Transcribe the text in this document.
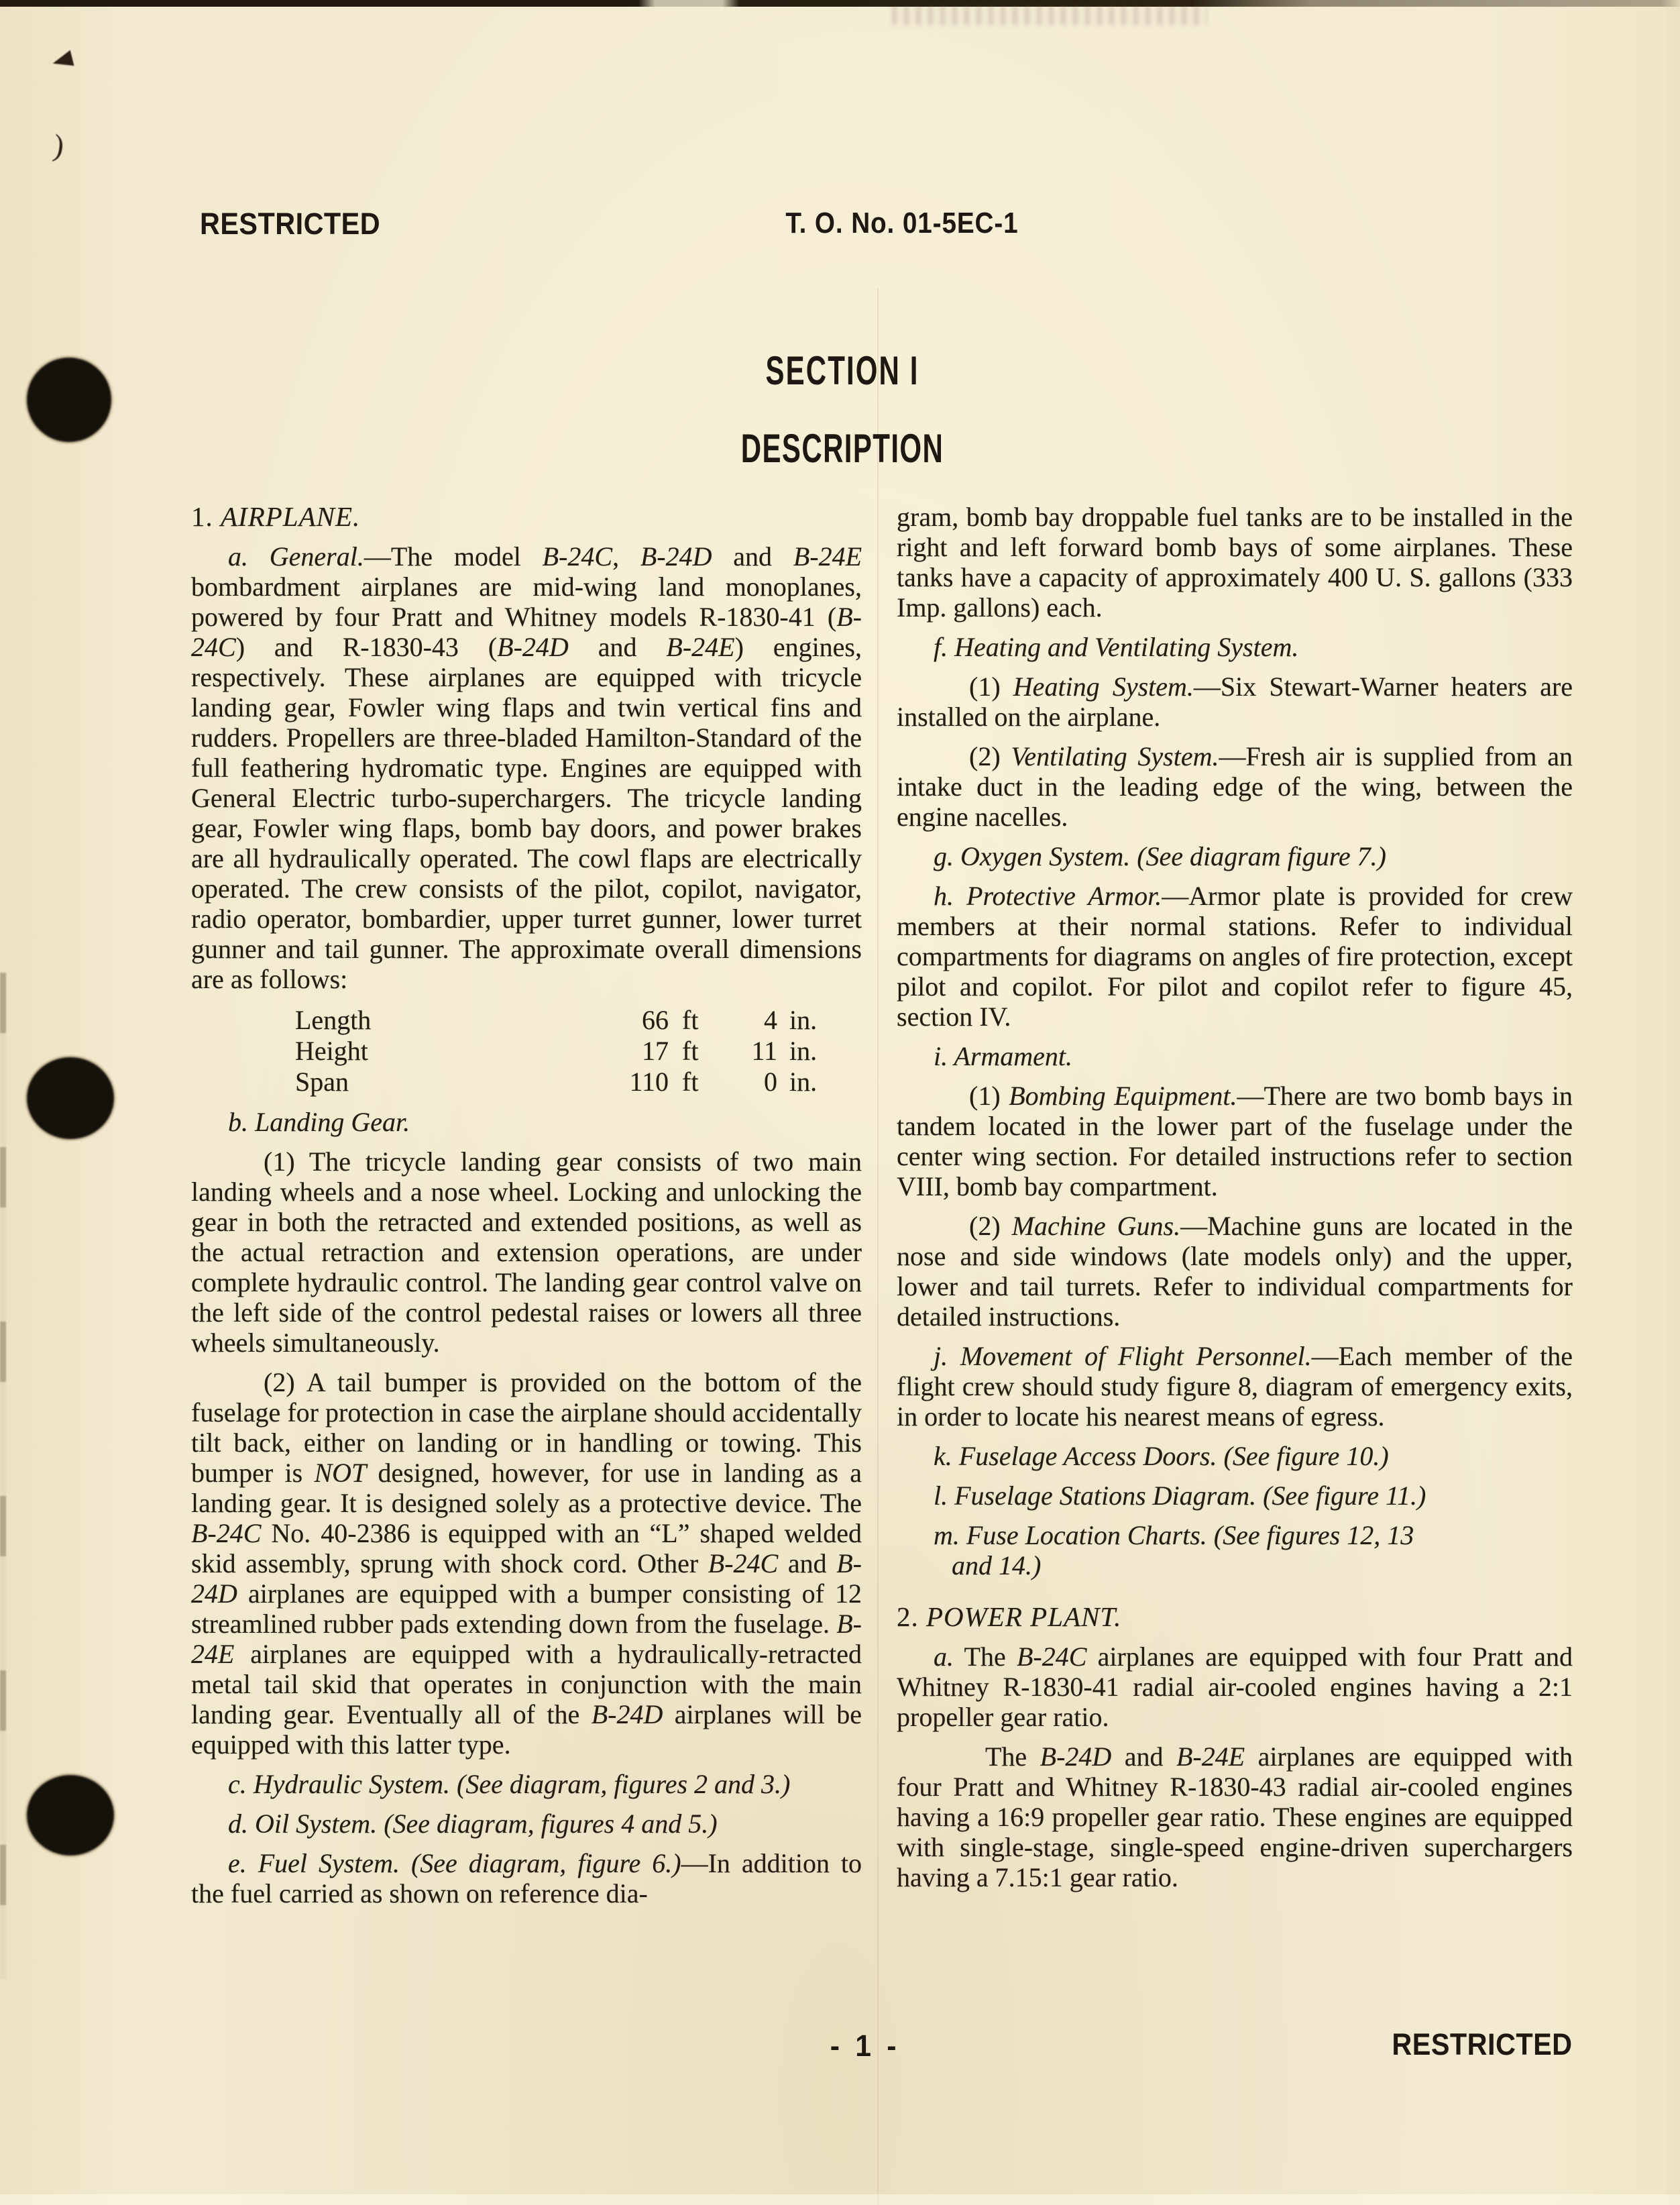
)
RESTRICTED	T. O. No. 01-5EC-1
SECTION I
DESCRIPTION
1. AIRPLANE.
a. General.—The model B-24C, B-24D and B-24E bombardment airplanes are mid-wing land monoplanes, powered by four Pratt and Whitney models R-1830-41 (B-24C) and R-1830-43 (B-24D and B-24E) engines, respectively. These airplanes are equipped with tricycle landing gear, Fowler wing flaps and twin vertical fins and rudders. Propellers are three-bladed Hamilton-Standard of the full feathering hydromatic type. Engines are equipped with General Electric turbo-superchargers. The tricycle landing gear, Fowler wing flaps, bomb bay doors, and power brakes are all hydraulically operated. The cowl flaps are electrically operated. The crew consists of the pilot, copilot, navigator, radio operator, bombardier, upper turret gunner, lower turret gunner and tail gunner. The approximate overall dimensions are as follows:
Length	66 ft	4 in.
Height	17 ft	11 in.
Span	110 ft	0 in.
b. Landing Gear.
(1) The tricycle landing gear consists of two main landing wheels and a nose wheel. Locking and unlocking the gear in both the retracted and extended positions, as well as the actual retraction and extension operations, are under complete hydraulic control. The landing gear control valve on the left side of the control pedestal raises or lowers all three wheels simultaneously.
(2) A tail bumper is provided on the bottom of the fuselage for protection in case the airplane should accidentally tilt back, either on landing or in handling or towing. This bumper is NOT designed, however, for use in landing as a landing gear. It is designed solely as a protective device. The B-24C No. 40-2386 is equipped with an “L” shaped welded skid assembly, sprung with shock cord. Other B-24C and B-24D airplanes are equipped with a bumper consisting of 12 streamlined rubber pads extending down from the fuselage. B-24E airplanes are equipped with a hydraulically-retracted metal tail skid that operates in conjunction with the main landing gear. Eventually all of the B-24D airplanes will be equipped with this latter type.
c. Hydraulic System. (See diagram, figures 2 and 3.)
d. Oil System. (See diagram, figures 4 and 5.)
e. Fuel System. (See diagram, figure 6.)—In addition to the fuel carried as shown on reference dia-
gram, bomb bay droppable fuel tanks are to be installed in the right and left forward bomb bays of some airplanes. These tanks have a capacity of approximately 400 U. S. gallons (333 Imp. gallons) each.
f. Heating and Ventilating System.
(1) Heating System.—Six Stewart-Warner heaters are installed on the airplane.
(2) Ventilating System.—Fresh air is supplied from an intake duct in the leading edge of the wing, between the engine nacelles.
g. Oxygen System. (See diagram figure 7.)
h. Protective Armor.—Armor plate is provided for crew members at their normal stations. Refer to individual compartments for diagrams on angles of fire protection, except pilot and copilot. For pilot and copilot refer to figure 45, section IV.
i. Armament.
(1) Bombing Equipment.—There are two bomb bays in tandem located in the lower part of the fuselage under the center wing section. For detailed instructions refer to section VIII, bomb bay compartment.
(2) Machine Guns.—Machine guns are located in the nose and side windows (late models only) and the upper, lower and tail turrets. Refer to individual compartments for detailed instructions.
j. Movement of Flight Personnel.—Each member of the flight crew should study figure 8, diagram of emergency exits, in order to locate his nearest means of egress.
k. Fuselage Access Doors. (See figure 10.)
l. Fuselage Stations Diagram. (See figure 11.)
m. Fuse Location Charts. (See figures 12, 13
and 14.)
2. POWER PLANT.
a. The B-24C airplanes are equipped with four Pratt and Whitney R-1830-41 radial air-cooled engines having a 2:1 propeller gear ratio.
The B-24D and B-24E airplanes are equipped with four Pratt and Whitney R-1830-43 radial air-cooled engines having a 16:9 propeller gear ratio. These engines are equipped with single-stage, single-speed engine-driven superchargers having a 7.15:1 gear ratio.
- 1 -	RESTRICTED
